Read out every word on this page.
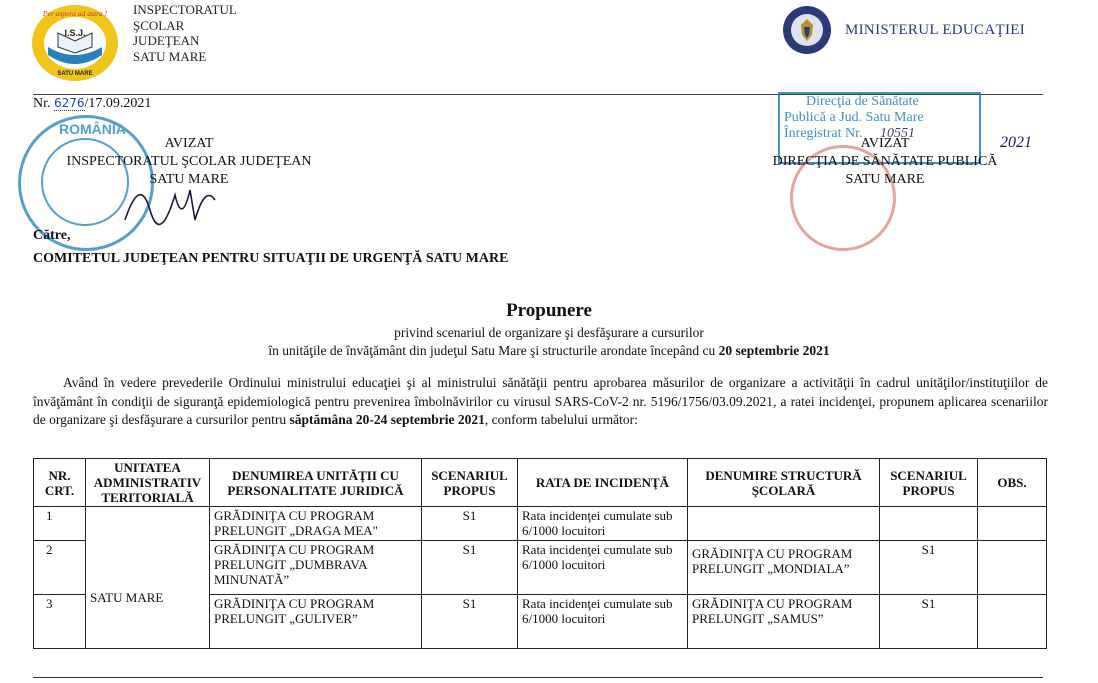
I.S.J.
Per aspera ad astra !
SATU MARE
INSPECTORATUL
ŞCOLAR
JUDEŢEAN
SATU MARE
MINISTERUL EDUCAŢIEI
Nr. 6276/17.09.2021
ROMÂNIA
AVIZAT
INSPECTORATUL ŞCOLAR JUDEŢEAN
SATU MARE
Direcţia de Sănătate
Publică a Jud. Satu Mare
Înregistrat Nr. 10551
2021
AVIZAT
DIRECŢIA DE SĂNĂTATE PUBLICĂ
SATU MARE
Către,
COMITETUL JUDEŢEAN PENTRU SITUAŢII DE URGENŢĂ SATU MARE
Propunere
privind scenariul de organizare şi desfăşurare a cursurilor
în unităţile de învăţământ din judeţul Satu Mare şi structurile arondate începând cu 20 septembrie 2021

Având în vedere prevederile Ordinului ministrului educaţiei şi al ministrului sănătăţii pentru aprobarea măsurilor de organizare a activităţii în cadrul unităţilor/instituţiilor de învăţământ în condiţii de siguranţă epidemiologică pentru prevenirea îmbolnăvirilor cu virusul SARS-CoV-2 nr. 5196/1756/03.09.2021, a ratei incidenţei, propunem aplicarea scenariilor de organizare şi desfăşurare a cursurilor pentru săptămâna 20-24 septembrie 2021, conform tabelului următor:

NR. CRT.	UNITATEA ADMINISTRATIV TERITORIALĂ	DENUMIREA UNITĂŢII CU PERSONALITATE JURIDICĂ	SCENARIUL PROPUS	RATA DE INCIDENŢĂ	DENUMIRE STRUCTURĂ ŞCOLARĂ	SCENARIUL PROPUS	OBS.
1	SATU MARE	GRĂDINIŢA CU PROGRAM PRELUNGIT „DRAGA MEA"	S1	Rata incidenţei cumulate sub 6/1000 locuitori			
2		GRĂDINIŢA CU PROGRAM PRELUNGIT „DUMBRAVA MINUNATĂ”	S1	Rata incidenţei cumulate sub 6/1000 locuitori	GRĂDINIŢA CU PROGRAM PRELUNGIT „MONDIALA”	S1	
3		GRĂDINIŢA CU PROGRAM PRELUNGIT „GULIVER”	S1	Rata incidenţei cumulate sub 6/1000 locuitori	GRĂDINIŢA CU PROGRAM PRELUNGIT „SAMUS”	S1	
